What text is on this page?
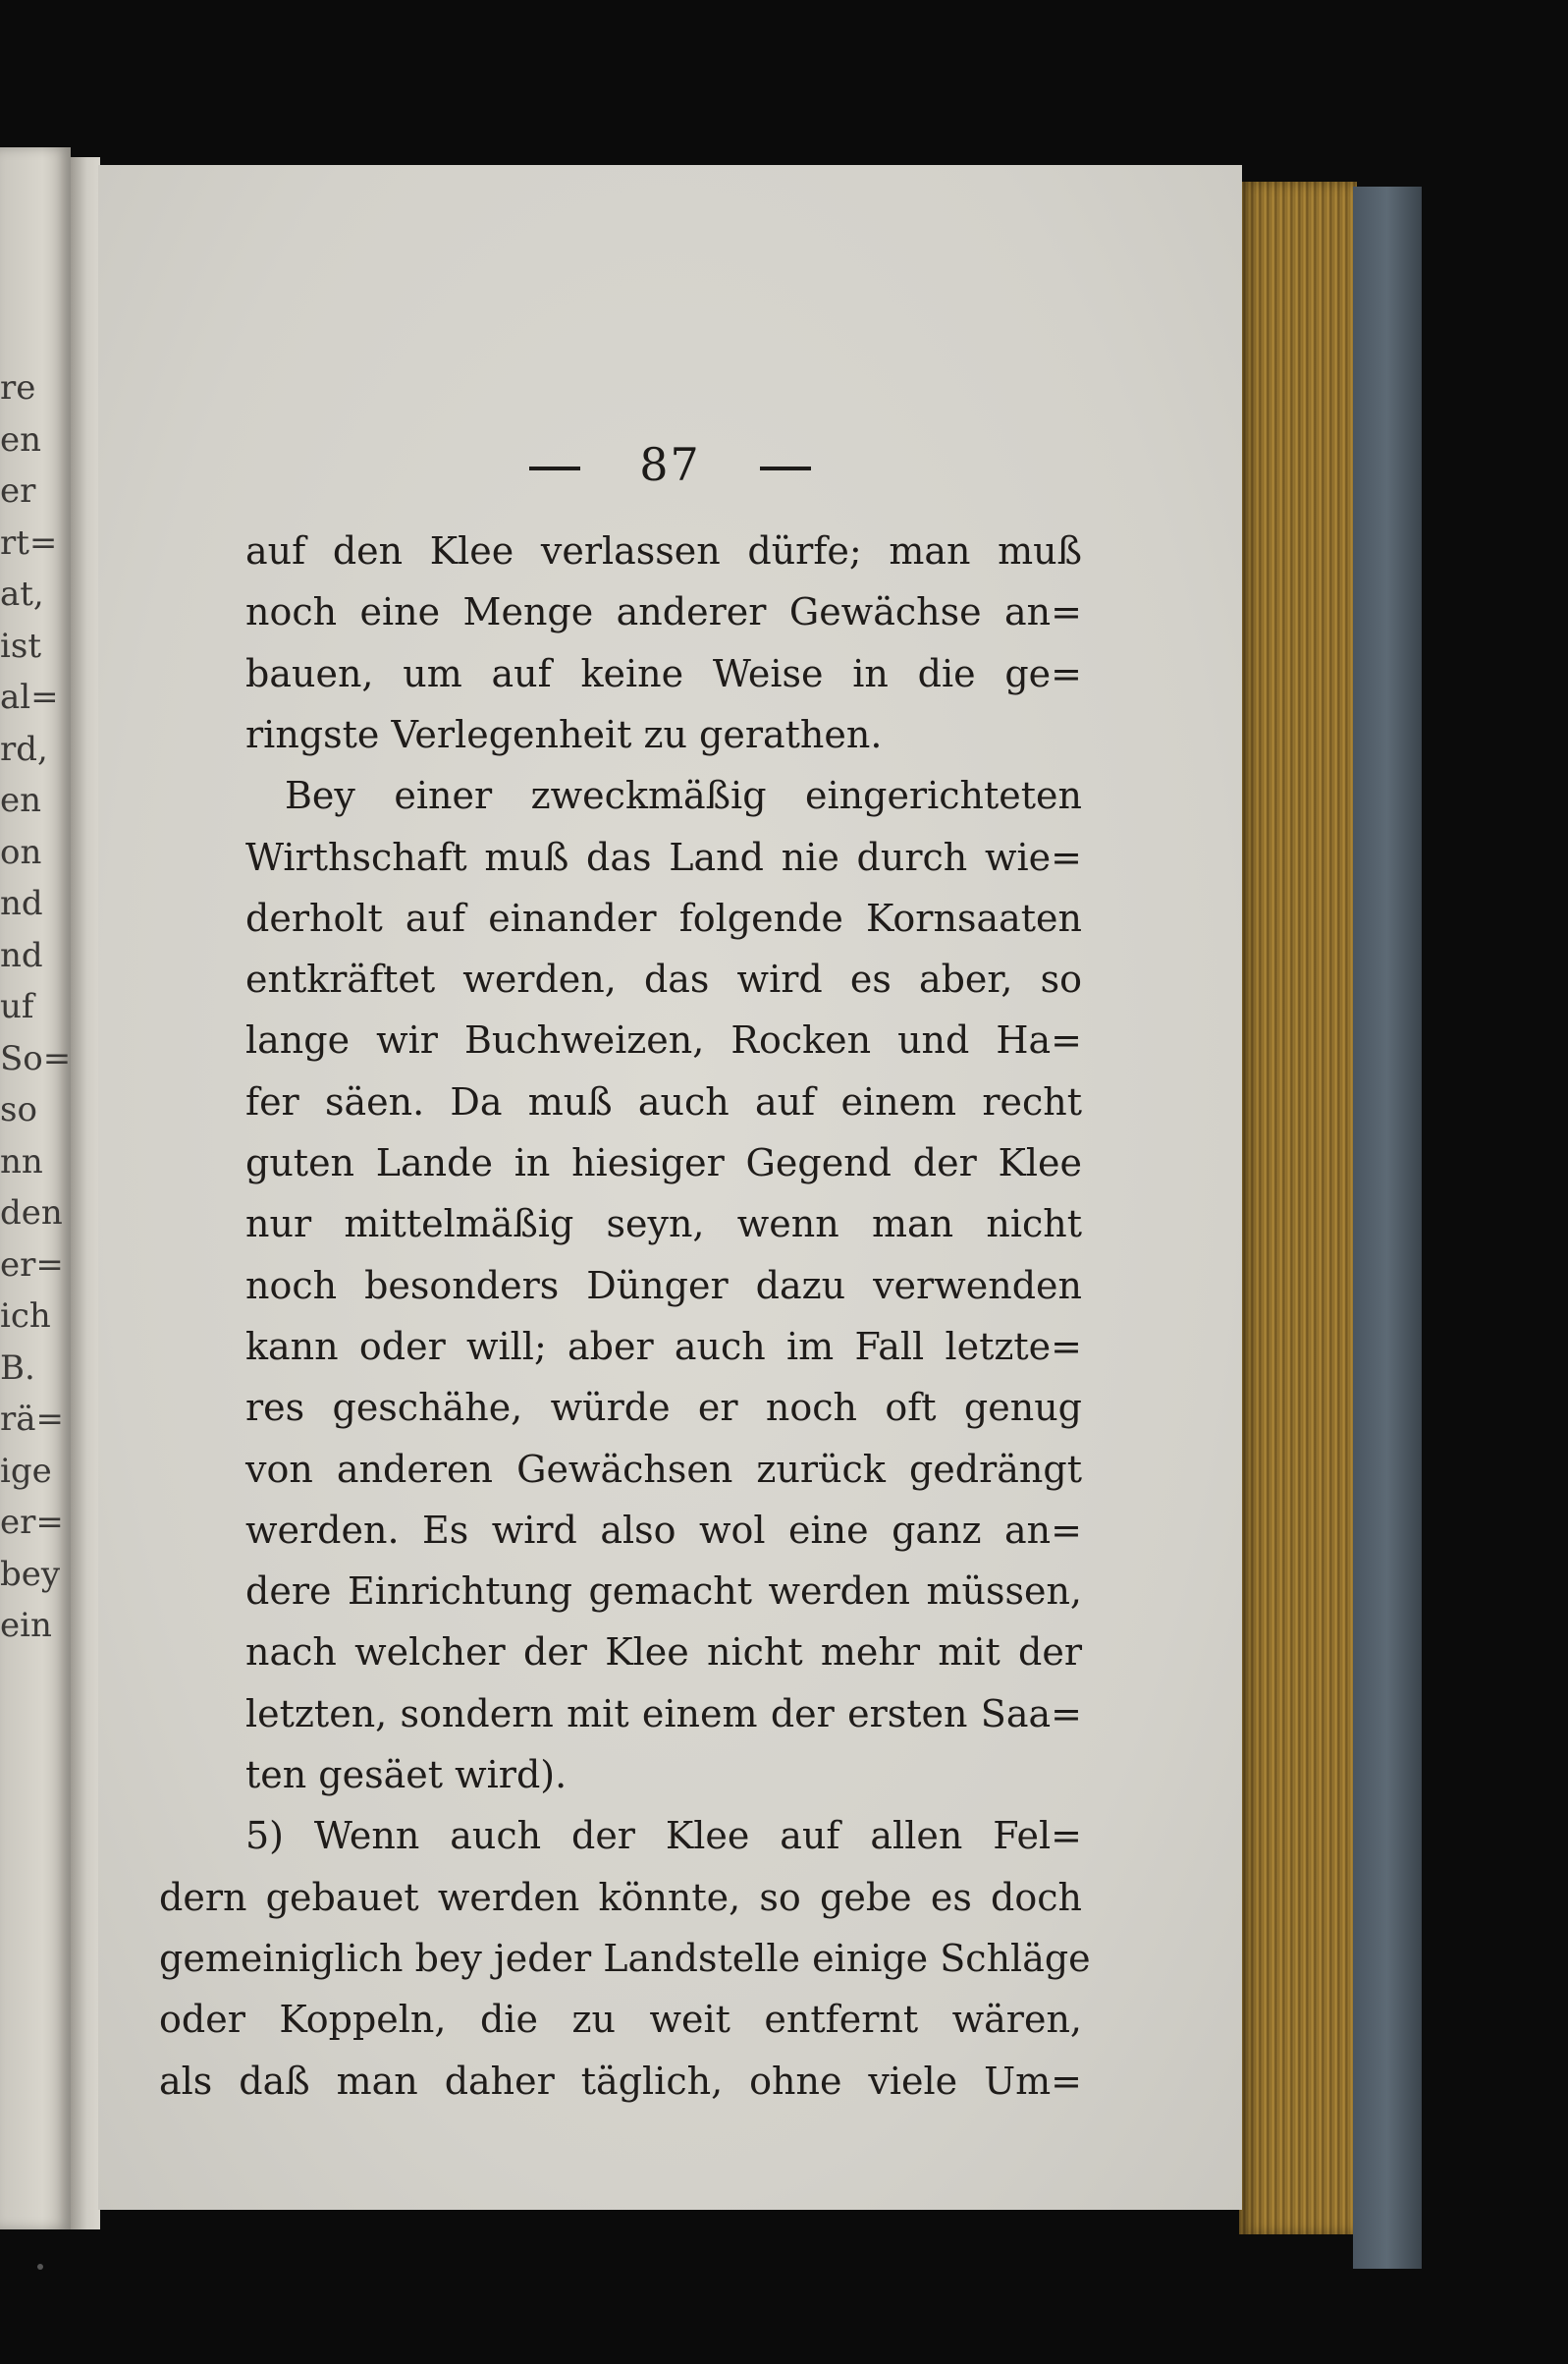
re
en
er
rt=
at,
ist
al=
rd,
en
on
nd
nd
uf
So=
so
nn
den
er=
ich
B.
rä=
ige
er=
bey
ein
87
auf den Klee verlassen dürfe; man muß
noch eine Menge anderer Gewächse an=
bauen, um auf keine Weise in die ge=
ringste Verlegenheit zu gerathen.
Bey einer zweckmäßig eingerichteten
Wirthschaft muß das Land nie durch wie=
derholt auf einander folgende Kornsaaten
entkräftet werden, das wird es aber, so
lange wir Buchweizen, Rocken und Ha=
fer säen. Da muß auch auf einem recht
guten Lande in hiesiger Gegend der Klee
nur mittelmäßig seyn, wenn man nicht
noch besonders Dünger dazu verwenden
kann oder will; aber auch im Fall letzte=
res geschähe, würde er noch oft genug
von anderen Gewächsen zurück gedrängt
werden. Es wird also wol eine ganz an=
dere Einrichtung gemacht werden müssen,
nach welcher der Klee nicht mehr mit der
letzten, sondern mit einem der ersten Saa=
ten gesäet wird).
5) Wenn auch der Klee auf allen Fel=
dern gebauet werden könnte, so gebe es doch
gemeiniglich bey jeder Landstelle einige Schläge
oder Koppeln, die zu weit entfernt wären,
als daß man daher täglich, ohne viele Um=
